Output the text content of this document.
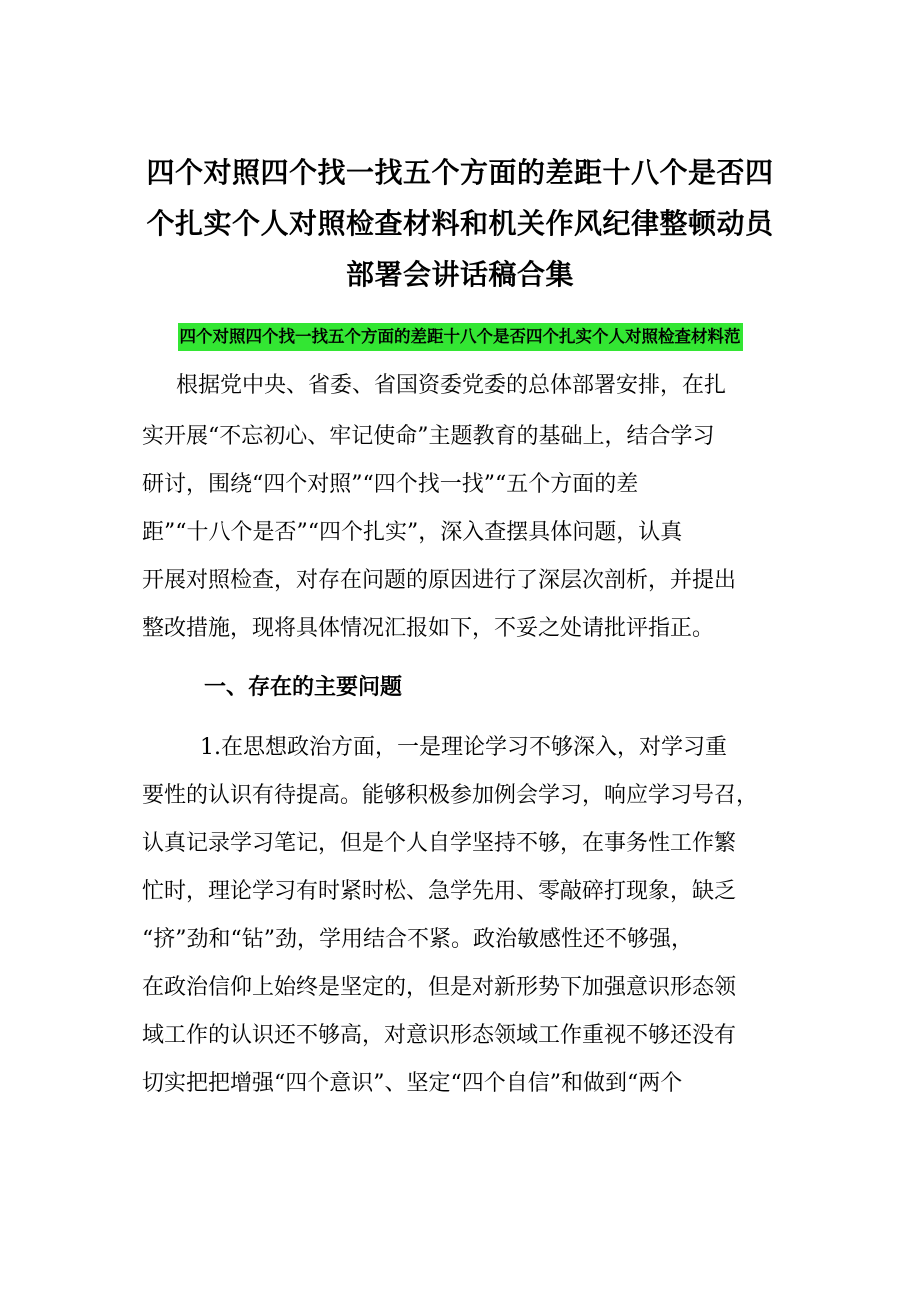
四个对照四个找一找五个方面的差距十八个是否四
个扎实个人对照检查材料和机关作风纪律整顿动员
部署会讲话稿合集
四个对照四个找一找五个方面的差距十八个是否四个扎实个人对照检查材料范
根据党中央、省委、省国资委党委的总体部署安排，在扎
实开展“不忘初心、牢记使命”主题教育的基础上，结合学习
研讨，围绕“四个对照”“四个找一找”“五个方面的差
距”“十八个是否”“四个扎实”，深入查摆具体问题，认真
开展对照检查，对存在问题的原因进行了深层次剖析，并提出
整改措施，现将具体情况汇报如下，不妥之处请批评指正。
一、存在的主要问题
1.在思想政治方面，一是理论学习不够深入，对学习重
要性的认识有待提高。能够积极参加例会学习，响应学习号召，
认真记录学习笔记，但是个人自学坚持不够，在事务性工作繁
忙时，理论学习有时紧时松、急学先用、零敲碎打现象，缺乏
“挤”劲和“钻”劲，学用结合不紧。政治敏感性还不够强，
在政治信仰上始终是坚定的，但是对新形势下加强意识形态领
域工作的认识还不够高，对意识形态领域工作重视不够还没有
切实把把增强“四个意识”、坚定“四个自信”和做到“两个
